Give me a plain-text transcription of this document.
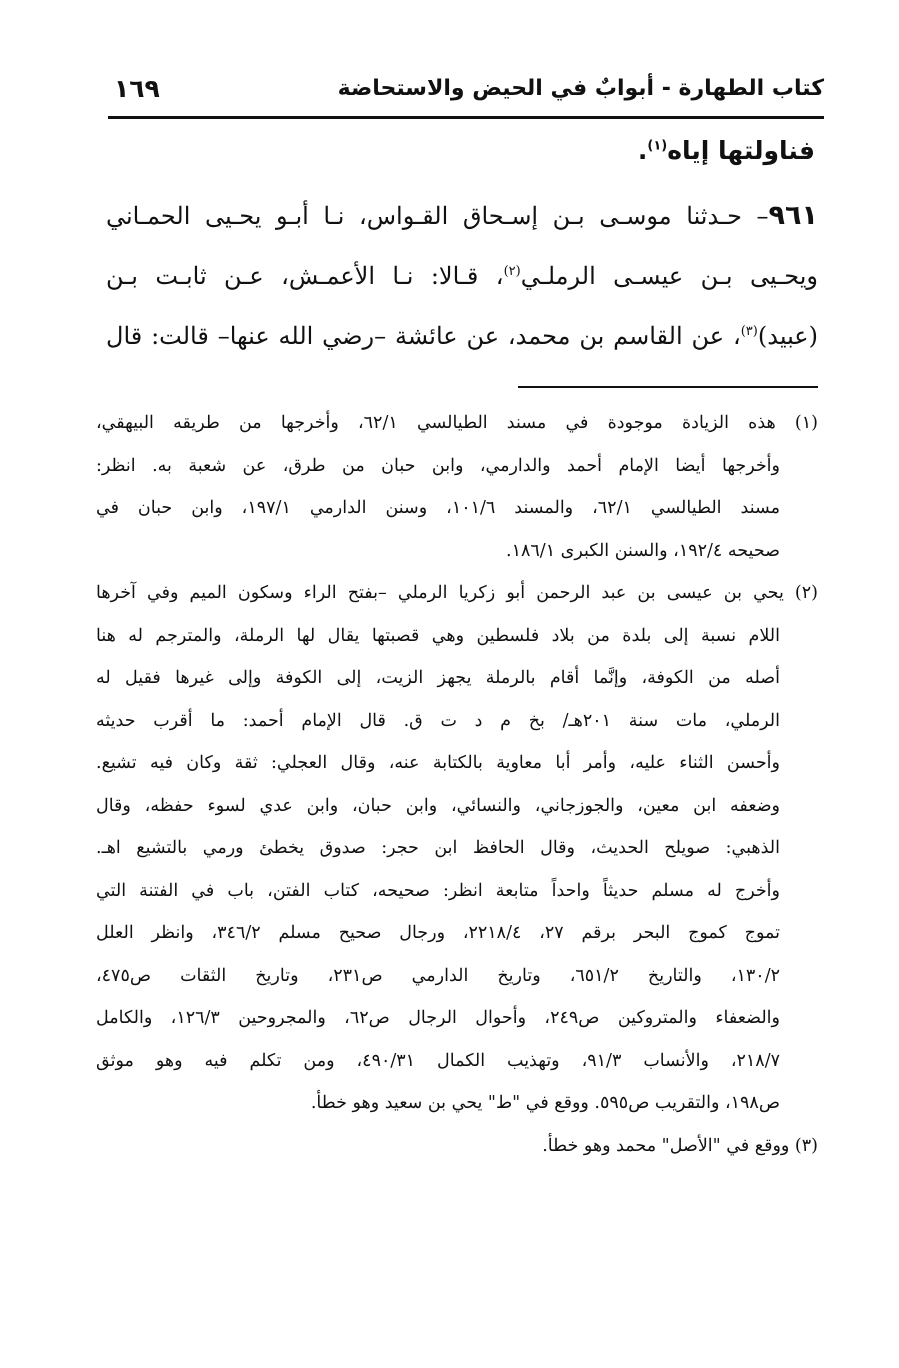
كتاب الطهارة - أبوابٌ في الحيض والاستحاضة
١٦٩
فناولتها إياه$^{(١)}$.
٩٦١– حـدثنا موسـى بـن إسـحاق القـواس، نـا أبـو يحـيى الحمـاني
ويحـيى بـن عيسـى الرملـي$^{(٢)}$، قـالا: نـا الأعمـش، عـن ثابـت بـن
(عبيد)$^{(٣)}$، عن القاسم بن محمد، عن عائشة –رضي الله عنها– قالت: قال
(١) هذه الزيادة موجودة في مسند الطيالسي ٦٢/١، وأخرجها من طريقه البيهقي،
وأخرجها أيضا الإمام أحمد والدارمي، وابن حبان من طرق، عن شعبة به. انظر:
مسند الطيالسي ٦٢/١، والمسند ١٠١/٦، وسنن الدارمي ١٩٧/١، وابن حبان في
صحيحه ١٩٢/٤، والسنن الكبرى ١٨٦/١.
(٢) يحي بن عيسى بن عبد الرحمن أبو زكريا الرملي –بفتح الراء وسكون الميم وفي آخرها
اللام نسبة إلى بلدة من بلاد فلسطين وهي قصبتها يقال لها الرملة، والمترجم له هنا
أصله من الكوفة، وإنَّما أقام بالرملة يجهز الزيت، إلى الكوفة وإلى غيرها فقيل له
الرملي، مات سنة ٢٠١هـ/ بخ م د ت ق. قال الإمام أحمد: ما أقرب حديثه
وأحسن الثناء عليه، وأمر أبا معاوية بالكتابة عنه، وقال العجلي: ثقة وكان فيه تشيع.
وضعفه ابن معين، والجوزجاني، والنسائي، وابن حبان، وابن عدي لسوء حفظه، وقال
الذهبي: صويلح الحديث، وقال الحافظ ابن حجر: صدوق يخطئ ورمي بالتشيع اهـ.
وأخرج له مسلم حديثاً واحداً متابعة انظر: صحيحه، كتاب الفتن، باب في الفتنة التي
تموج كموج البحر برقم ٢٧، ٢٢١٨/٤، ورجال صحيح مسلم ٣٤٦/٢، وانظر العلل
١٣٠/٢، والتاريخ ٦٥١/٢، وتاريخ الدارمي ص٢٣١، وتاريخ الثقات ص٤٧٥،
والضعفاء والمتروكين ص٢٤٩، وأحوال الرجال ص٦٢، والمجروحين ١٢٦/٣، والكامل
٢١٨/٧، والأنساب ٩١/٣، وتهذيب الكمال ٤٩٠/٣١، ومن تكلم فيه وهو موثق
ص١٩٨، والتقريب ص٥٩٥. ووقع في "ط" يحي بن سعيد وهو خطأ.
(٣) ووقع في "الأصل" محمد وهو خطأ.
